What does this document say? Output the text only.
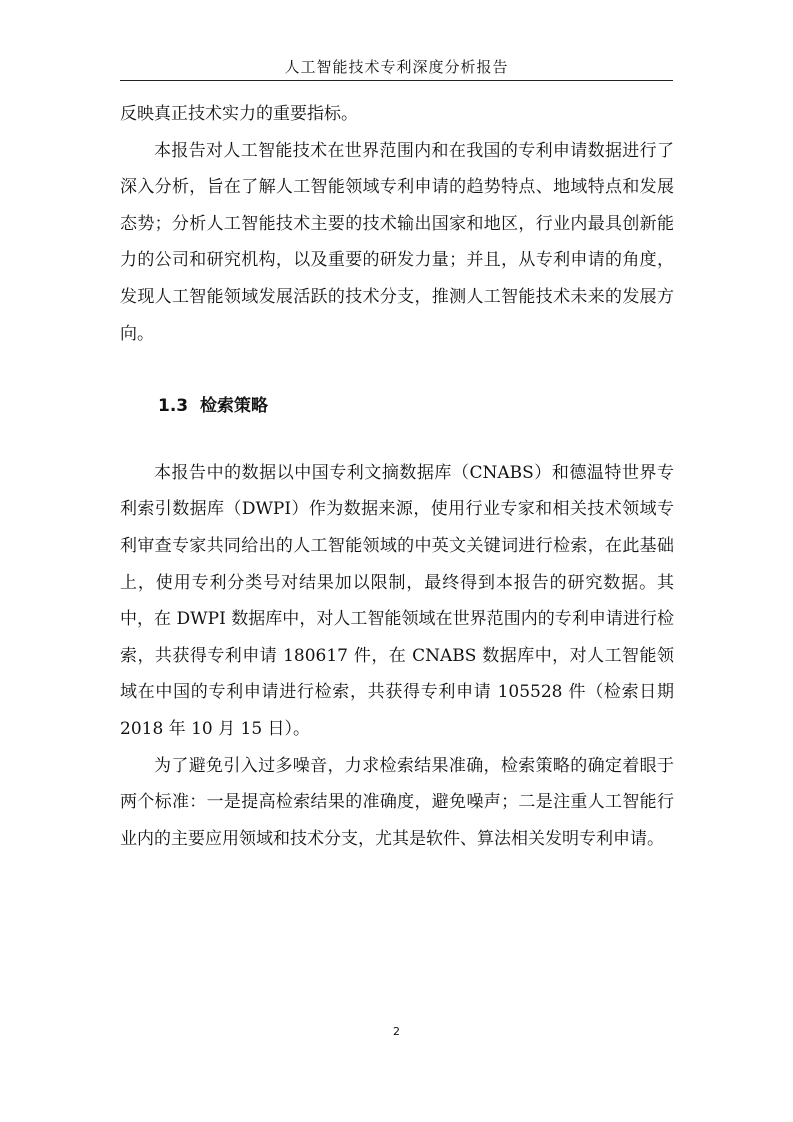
人工智能技术专利深度分析报告

反映真正技术实力的重要指标。

本报告对人工智能技术在世界范围内和在我国的专利申请数据进行了深入分析，旨在了解人工智能领域专利申请的趋势特点、地域特点和发展态势；分析人工智能技术主要的技术输出国家和地区，行业内最具创新能力的公司和研究机构，以及重要的研发力量；并且，从专利申请的角度，发现人工智能领域发展活跃的技术分支，推测人工智能技术未来的发展方向。

1.3 检索策略

本报告中的数据以中国专利文摘数据库（CNABS）和德温特世界专利索引数据库（DWPI）作为数据来源，使用行业专家和相关技术领域专利审查专家共同给出的人工智能领域的中英文关键词进行检索，在此基础上，使用专利分类号对结果加以限制，最终得到本报告的研究数据。其中，在 DWPI 数据库中，对人工智能领域在世界范围内的专利申请进行检索，共获得专利申请 180617 件，在 CNABS 数据库中，对人工智能领域在中国的专利申请进行检索，共获得专利申请 105528 件（检索日期 2018 年 10 月 15 日）。

为了避免引入过多噪音，力求检索结果准确，检索策略的确定着眼于两个标准：一是提高检索结果的准确度，避免噪声；二是注重人工智能行业内的主要应用领域和技术分支，尤其是软件、算法相关发明专利申请。

2
